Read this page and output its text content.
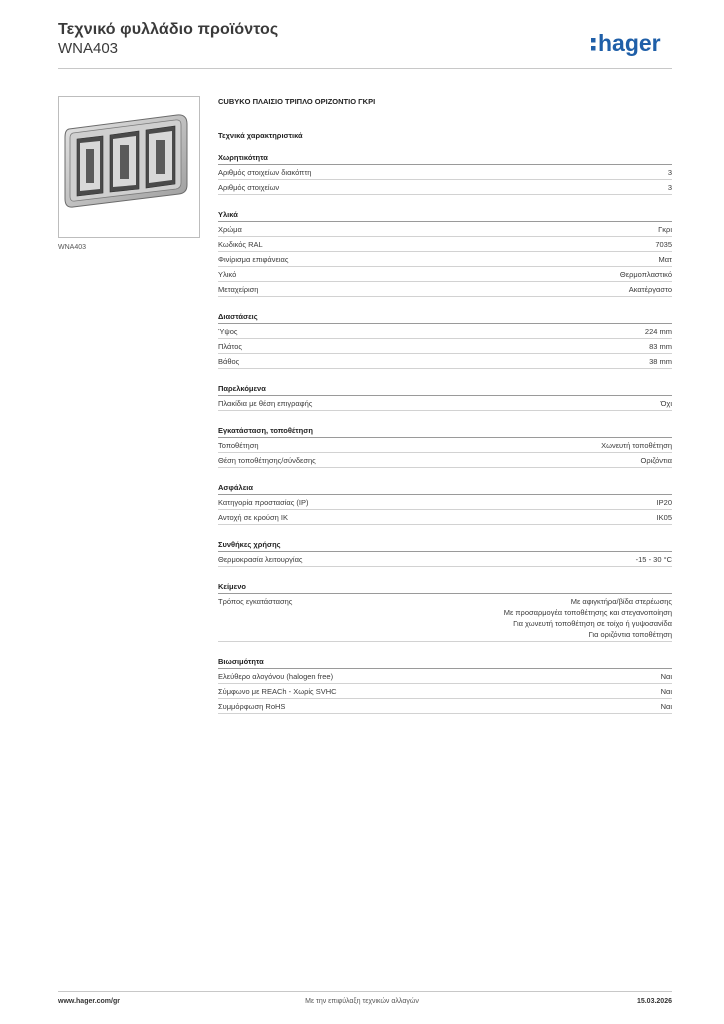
Τεχνικό φυλλάδιο προϊόντος
WNA403	hager
WNA403
CUBYKO ΠΛΑΙΣΙΟ ΤΡΙΠΛΟ ΟΡΙΖΟΝΤΙΟ ΓΚΡΙ
Τεχνικά χαρακτηριστικά
Χωρητικότητα
Αριθμός στοιχείων διακόπτη	3
Αριθμός στοιχείων	3
Υλικά
Χρώμα	Γκρι
Κωδικός RAL	7035
Φινίρισμα επιφάνειας	Ματ
Υλικό	Θερμοπλαστικό
Μεταχείριση	Ακατέργαστο
Διαστάσεις
Ύψος	224 mm
Πλάτος	83 mm
Βάθος	38 mm
Παρελκόμενα
Πλακίδια με θέση επιγραφής	Όχι
Εγκατάσταση, τοποθέτηση
Τοποθέτηση	Χωνευτή τοποθέτηση
Θέση τοποθέτησης/σύνδεσης	Οριζόντια
Ασφάλεια
Κατηγορία προστασίας (IP)	IP20
Αντοχή σε κρούση IK	IK05
Συνθήκες χρήσης
Θερμοκρασία λειτουργίας	-15 - 30 °C
Κείμενο
Τρόπος εγκατάστασης	Με αφιγκτήρα/βίδα στερέωσης
Με προσαρμογέα τοποθέτησης και στεγανοποίηση
Για χωνευτή τοποθέτηση σε τοίχο ή γυψοσανίδα
Για οριζόντια τοποθέτηση
Βιωσιμότητα
Ελεύθερο αλογόνου (halogen free)	Ναι
Σύμφωνο με REACh - Χωρίς SVHC	Ναι
Συμμόρφωση RoHS	Ναι
www.hager.com/gr	Με την επιφύλαξη τεχνικών αλλαγών	15.03.2026
